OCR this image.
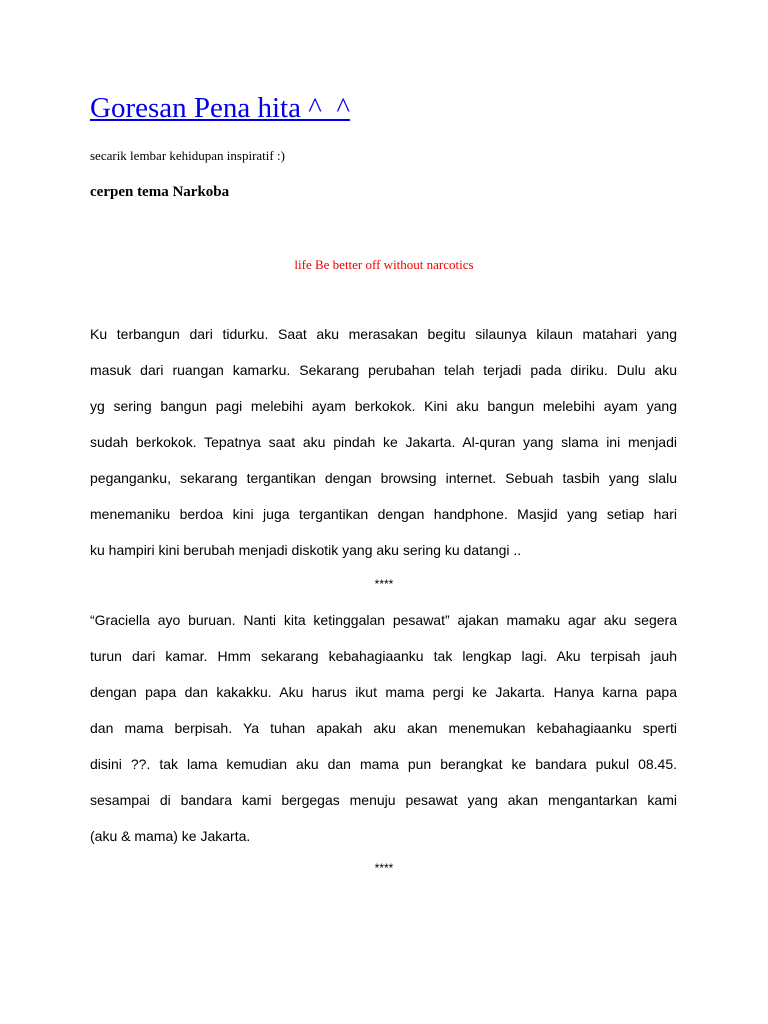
Goresan Pena hita ^_^
secarik lembar kehidupan inspiratif :)
cerpen tema Narkoba
life Be better off without narcotics
Ku terbangun dari tidurku. Saat aku merasakan begitu silaunya kilaun matahari yang
masuk dari ruangan kamarku. Sekarang perubahan telah terjadi pada diriku. Dulu aku
yg sering bangun pagi melebihi ayam berkokok. Kini aku bangun melebihi ayam yang
sudah berkokok. Tepatnya saat aku pindah ke Jakarta. Al-quran yang slama ini menjadi
peganganku, sekarang tergantikan dengan browsing internet. Sebuah tasbih yang slalu
menemaniku berdoa kini juga tergantikan dengan handphone. Masjid yang setiap hari
ku hampiri kini berubah menjadi diskotik yang aku sering ku datangi ..
****
“Graciella ayo buruan. Nanti kita ketinggalan pesawat” ajakan mamaku agar aku segera
turun dari kamar. Hmm sekarang kebahagiaanku tak lengkap lagi. Aku terpisah jauh
dengan papa dan kakakku. Aku harus ikut mama pergi ke Jakarta. Hanya karna papa
dan mama berpisah. Ya tuhan apakah aku akan menemukan kebahagiaanku sperti
disini ??. tak lama kemudian aku dan mama pun berangkat ke bandara pukul 08.45.
sesampai di bandara kami bergegas menuju pesawat yang akan mengantarkan kami
(aku & mama) ke Jakarta.
****
